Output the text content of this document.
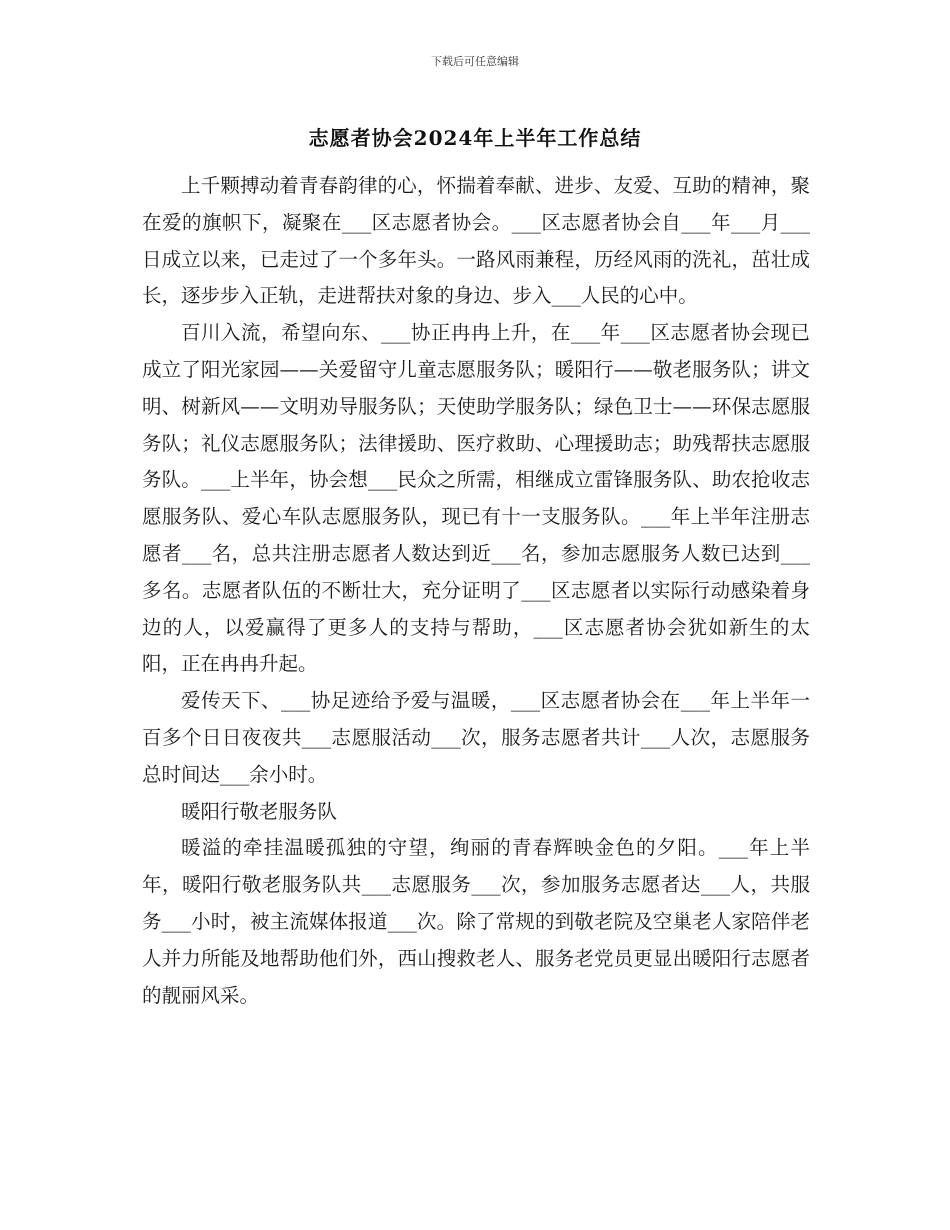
下载后可任意编辑
志愿者协会2024年上半年工作总结

上千颗搏动着青春韵律的心，怀揣着奉献、进步、友爱、互助的精神，聚在爱的旗帜下，凝聚在___区志愿者协会。___区志愿者协会自___年___月___日成立以来，已走过了一个多年头。一路风雨兼程，历经风雨的洗礼，茁壮成长，逐步步入正轨，走进帮扶对象的身边、步入___人民的心中。

百川入流，希望向东、___协正冉冉上升，在___年___区志愿者协会现已成立了阳光家园——关爱留守儿童志愿服务队；暖阳行——敬老服务队；讲文明、树新风——文明劝导服务队；天使助学服务队；绿色卫士——环保志愿服务队；礼仪志愿服务队；法律援助、医疗救助、心理援助志；助残帮扶志愿服务队。___上半年，协会想___民众之所需，相继成立雷锋服务队、助农抢收志愿服务队、爱心车队志愿服务队，现已有十一支服务队。___年上半年注册志愿者___名，总共注册志愿者人数达到近___名，参加志愿服务人数已达到___多名。志愿者队伍的不断壮大，充分证明了___区志愿者以实际行动感染着身边的人，以爱赢得了更多人的支持与帮助，___区志愿者协会犹如新生的太阳，正在冉冉升起。

爱传天下、___协足迹给予爱与温暖，___区志愿者协会在___年上半年一百多个日日夜夜共___志愿服活动___次，服务志愿者共计___人次，志愿服务总时间达___余小时。

暖阳行敬老服务队

暖溢的牵挂温暖孤独的守望，绚丽的青春辉映金色的夕阳。___年上半年，暖阳行敬老服务队共___志愿服务___次，参加服务志愿者达___人，共服务___小时，被主流媒体报道___次。除了常规的到敬老院及空巢老人家陪伴老人并力所能及地帮助他们外，西山搜救老人、服务老党员更显出暖阳行志愿者的靓丽风采。
